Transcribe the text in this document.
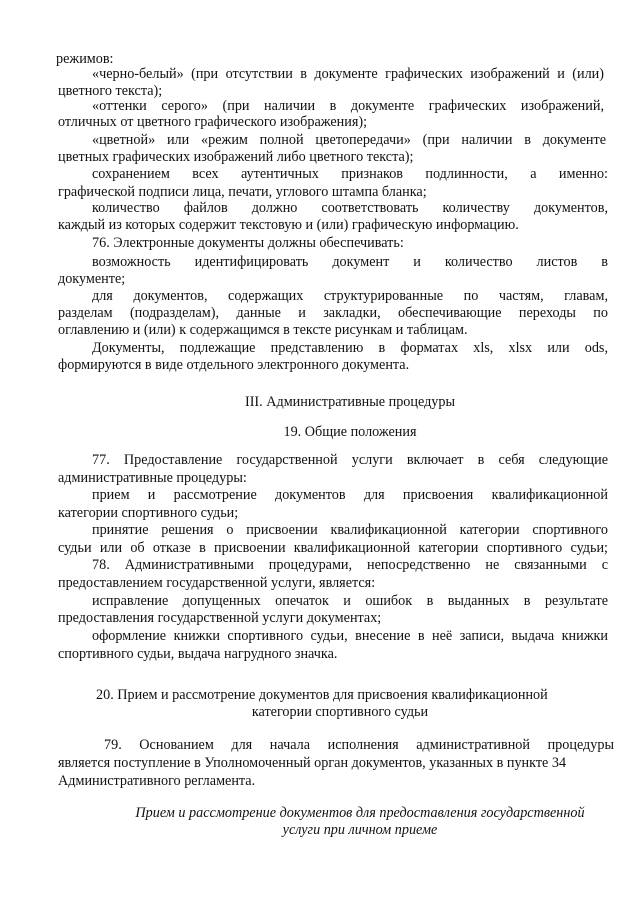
режимов:
«черно-белый» (при отсутствии в документе графических изображений и (или)
цветного текста);
«оттенки серого» (при наличии в документе графических изображений,
отличных от цветного графического изображения);
«цветной» или «режим полной цветопередачи» (при наличии в документе
цветных графических изображений либо цветного текста);
сохранением всех аутентичных признаков подлинности, а именно:
графической подписи лица, печати, углового штампа бланка;
количество файлов должно соответствовать количеству документов,
каждый из которых содержит текстовую и (или) графическую информацию.
76. Электронные документы должны обеспечивать:
возможность идентифицировать документ и количество листов в
документе;
для документов, содержащих структурированные по частям, главам,
разделам (подразделам), данные и закладки, обеспечивающие переходы по
оглавлению и (или) к содержащимся в тексте рисункам и таблицам.
Документы, подлежащие представлению в форматах xls, xlsx или ods,
формируются в виде отдельного электронного документа.
III. Административные процедуры
19. Общие положения
77. Предоставление государственной услуги включает в себя следующие
административные процедуры:
прием и рассмотрение документов для присвоения квалификационной
категории спортивного судьи;
принятие решения о присвоении квалификационной категории спортивного
судьи или об отказе в присвоении квалификационной категории спортивного судьи;
78. Административными процедурами, непосредственно не связанными с
предоставлением государственной услуги, является:
исправление допущенных опечаток и ошибок в выданных в результате
предоставления государственной услуги документах;
оформление книжки спортивного судьи, внесение в неё записи, выдача книжки
спортивного судьи, выдача нагрудного значка.
20. Прием и рассмотрение документов для присвоения квалификационной
категории спортивного судьи
79. Основанием для начала исполнения административной процедуры
является поступление в Уполномоченный орган документов, указанных в пункте 34
Административного регламента.
Прием и рассмотрение документов для предоставления государственной
услуги при личном приеме
